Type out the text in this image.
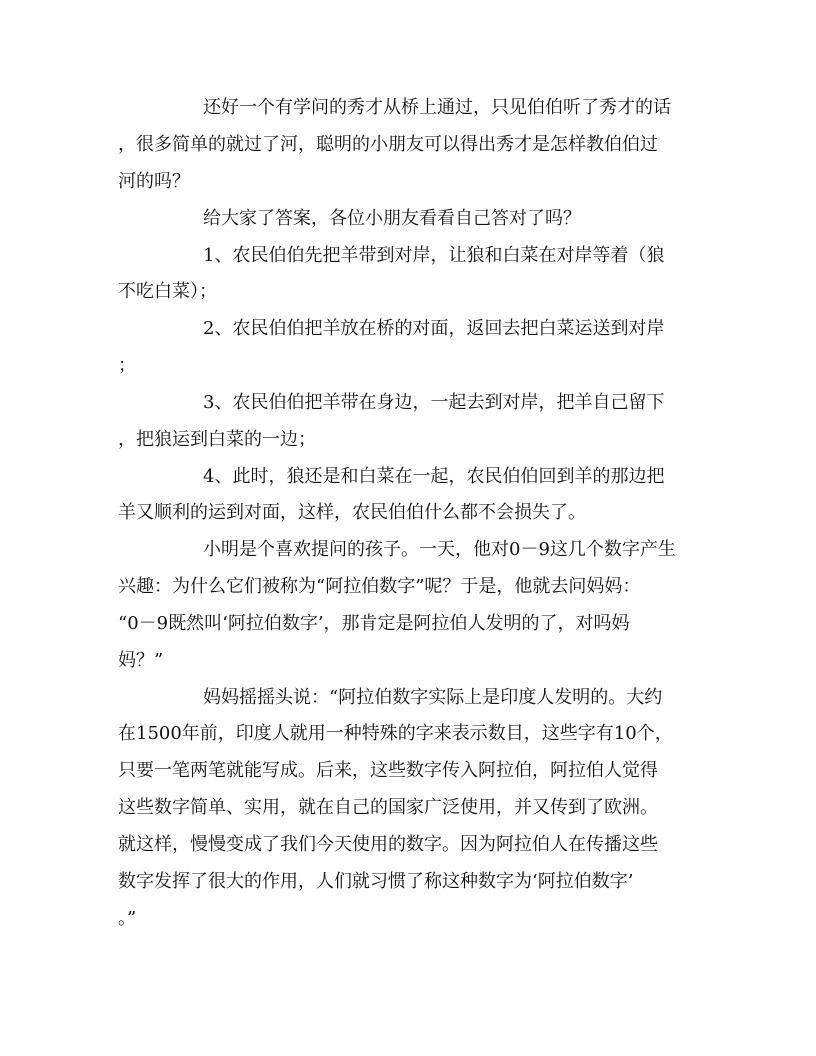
还好一个有学问的秀才从桥上通过，只见伯伯听了秀才的话
，很多简单的就过了河，聪明的小朋友可以得出秀才是怎样教伯伯过
河的吗？
给大家了答案，各位小朋友看看自己答对了吗？
1、农民伯伯先把羊带到对岸，让狼和白菜在对岸等着（狼
不吃白菜）；
2、农民伯伯把羊放在桥的对面，返回去把白菜运送到对岸
；
3、农民伯伯把羊带在身边，一起去到对岸，把羊自己留下
，把狼运到白菜的一边；
4、此时，狼还是和白菜在一起，农民伯伯回到羊的那边把
羊又顺利的运到对面，这样，农民伯伯什么都不会损失了。
小明是个喜欢提问的孩子。一天，他对0－9这几个数字产生
兴趣：为什么它们被称为“阿拉伯数字”呢？于是，他就去问妈妈：
“0－9既然叫‘阿拉伯数字’，那肯定是阿拉伯人发明的了，对吗妈
妈？”
妈妈摇摇头说：“阿拉伯数字实际上是印度人发明的。大约
在1500年前，印度人就用一种特殊的字来表示数目，这些字有10个，
只要一笔两笔就能写成。后来，这些数字传入阿拉伯，阿拉伯人觉得
这些数字简单、实用，就在自己的国家广泛使用，并又传到了欧洲。
就这样，慢慢变成了我们今天使用的数字。因为阿拉伯人在传播这些
数字发挥了很大的作用，人们就习惯了称这种数字为‘阿拉伯数字’
。”
